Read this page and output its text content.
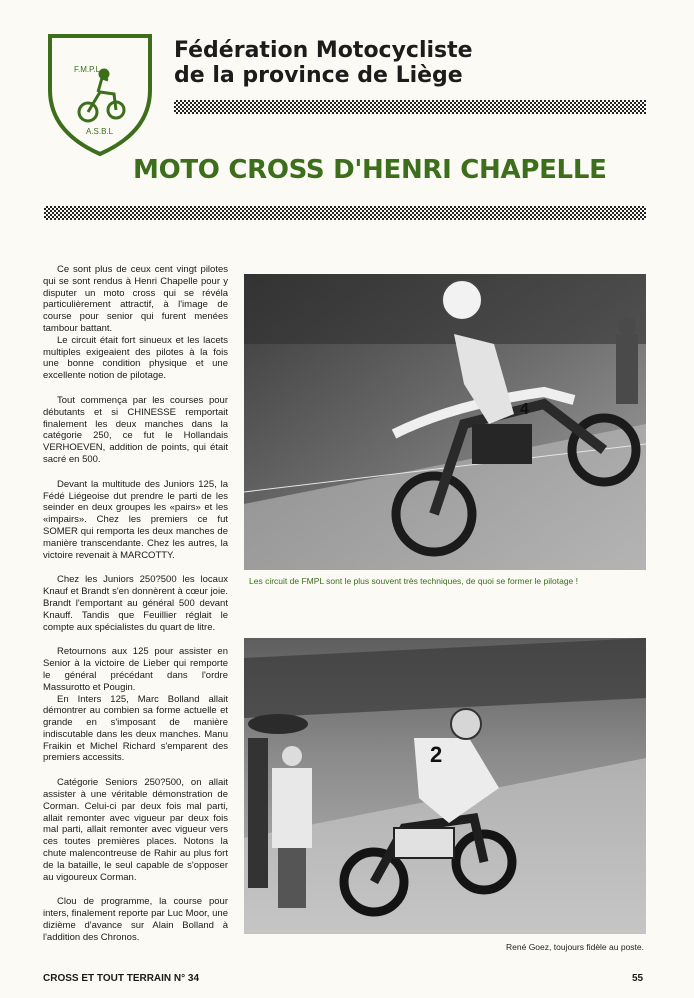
F.M.P.L
A.S.B.L
Fédération Motocycliste
de la province de Liège
MOTO CROSS D'HENRI CHAPELLE

Ce sont plus de ceux cent vingt pilotes qui se sont rendus à Henri Chapelle pour y disputer un moto cross qui se révéla particulièrement attractif, à l'image de course pour senior qui furent menées tambour battant.

Le circuit était fort sinueux et les lacets multiples exigeaient des pilotes à la fois une bonne condition physique et une excellente notion de pilotage.

Tout commença par les courses pour débutants et si CHINESSE remportait finalement les deux manches dans la catégorie 250, ce fut le Hollandais VERHOEVEN, addition de points, qui était sacré en 500.

Devant la multitude des Juniors 125, la Fédé Liégeoise dut prendre le parti de les seinder en deux groupes les «pairs» et les «impairs». Chez les premiers ce fut SOMER qui remporta les deux manches de manière transcendante. Chez les autres, la victoire revenait à MARCOTTY.

Chez les Juniors 250?500 les locaux Knauf et Brandt s'en donnèrent à cœur joie. Brandt l'emportant au général 500 devant Knauff. Tandis que Feuillier réglait le compte aux spécialistes du quart de litre.

Retournons aux 125 pour assister en Senior à la victoire de Lieber qui remporte le général précédant dans l'ordre Massurotto et Pougin.

En Inters 125, Marc Bolland allait démontrer au combien sa forme actuelle et grande en s'imposant de manière indiscutable dans les deux manches. Manu Fraikin et Michel Richard s'emparent des premiers accessits.

Catégorie Seniors 250?500, on allait assister à une véritable démonstration de Corman. Celui-ci par deux fois mal parti, allait remonter avec vigueur par deux fois mal parti, allait remonter avec vigueur vers ces toutes premières places. Notons la chute malencontreuse de Rahir au plus fort de la bataille, le seul capable de s'opposer au vigoureux Corman.

Clou de programme, la course pour inters, finalement reporte par Luc Moor, une dizième d'avance sur Alain Bolland à l'addition des Chronos.

4

Les circuit de FMPL sont le plus souvent très techniques, de quoi se former le pilotage !

2

René Goez, toujours fidèle au poste.

CROSS ET TOUT TERRAIN N° 34	55
